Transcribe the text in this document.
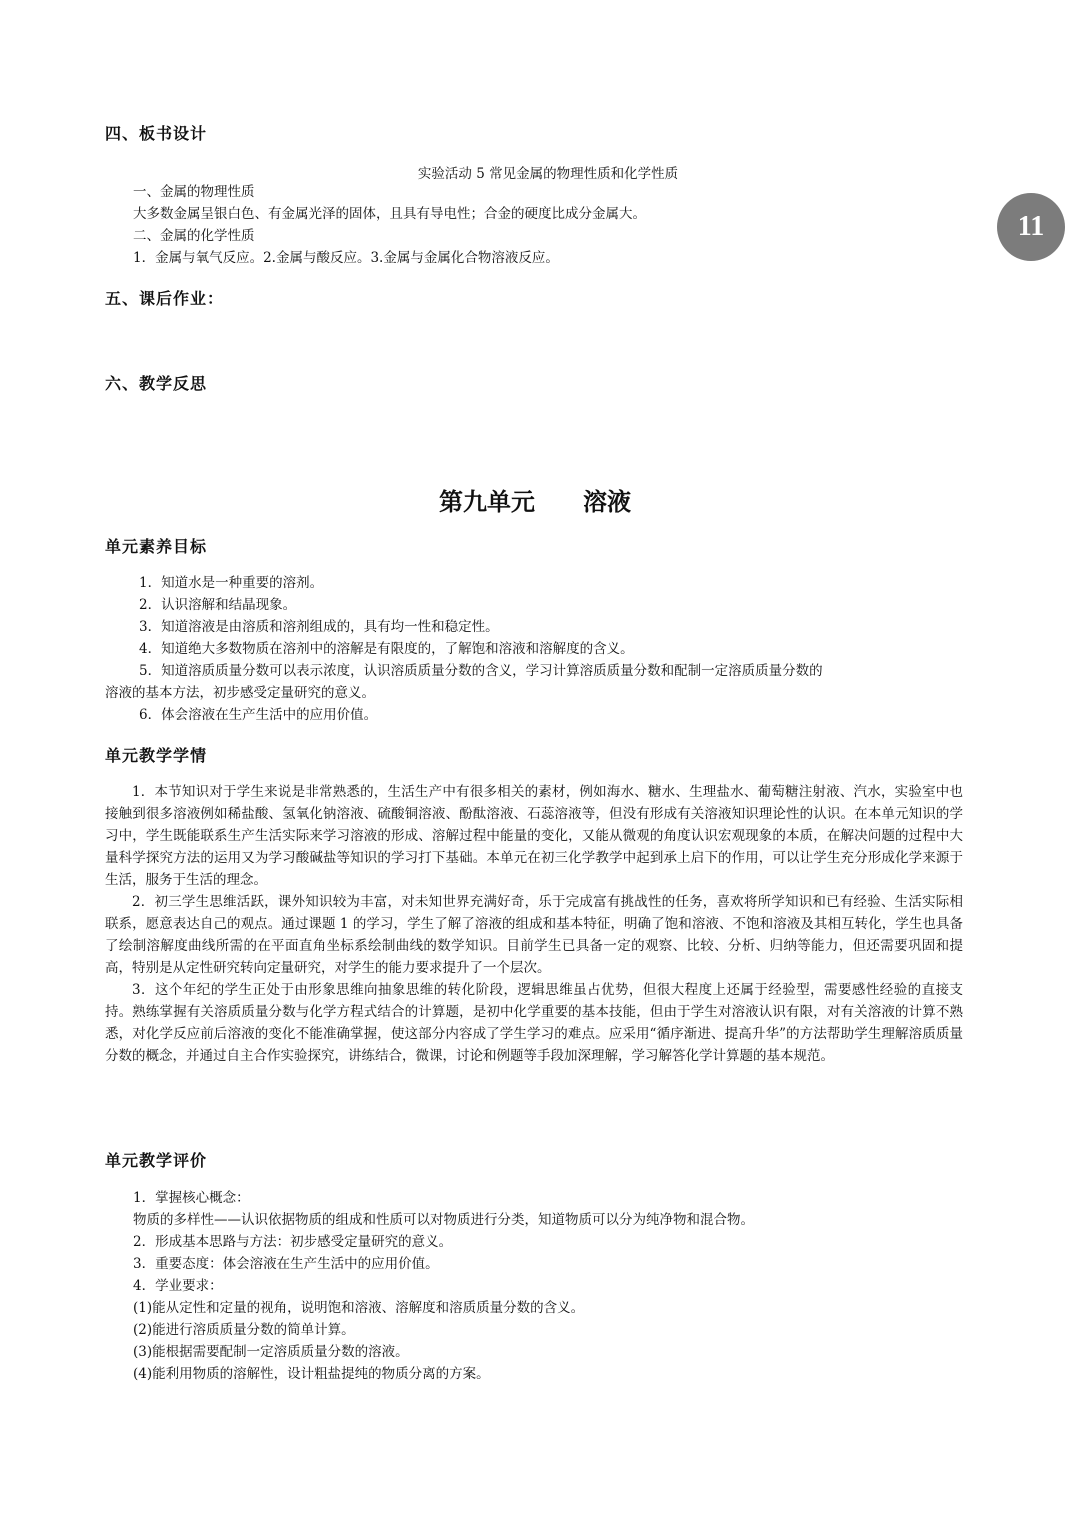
11
四、板书设计

实验活动 5 常见金属的物理性质和化学性质

一、金属的物理性质
大多数金属呈银白色、有金属光泽的固体，且具有导电性；合金的硬度比成分金属大。
二、金属的化学性质
1．金属与氧气反应。2.金属与酸反应。3.金属与金属化合物溶液反应。
五、课后作业：
六、教学反思
第九单元 溶液
单元素养目标
1．知道水是一种重要的溶剂。
2．认识溶解和结晶现象。
3．知道溶液是由溶质和溶剂组成的，具有均一性和稳定性。
4．知道绝大多数物质在溶剂中的溶解是有限度的，了解饱和溶液和溶解度的含义。
5．知道溶质质量分数可以表示浓度，认识溶质质量分数的含义，学习计算溶质质量分数和配制一定溶质质量分数的
溶液的基本方法，初步感受定量研究的意义。
6．体会溶液在生产生活中的应用价值。
单元教学学情

1．本节知识对于学生来说是非常熟悉的，生活生产中有很多相关的素材，例如海水、糖水、生理盐水、葡萄糖注射液、汽水，实验室中也接触到很多溶液例如稀盐酸、氢氧化钠溶液、硫酸铜溶液、酚酞溶液、石蕊溶液等，但没有形成有关溶液知识理论性的认识。在本单元知识的学习中，学生既能联系生产生活实际来学习溶液的形成、溶解过程中能量的变化，又能从微观的角度认识宏观现象的本质，在解决问题的过程中大量科学探究方法的运用又为学习酸碱盐等知识的学习打下基础。本单元在初三化学教学中起到承上启下的作用，可以让学生充分形成化学来源于生活，服务于生活的理念。

2．初三学生思维活跃，课外知识较为丰富，对未知世界充满好奇，乐于完成富有挑战性的任务，喜欢将所学知识和已有经验、生活实际相联系，愿意表达自己的观点。通过课题 1 的学习，学生了解了溶液的组成和基本特征，明确了饱和溶液、不饱和溶液及其相互转化，学生也具备了绘制溶解度曲线所需的在平面直角坐标系绘制曲线的数学知识。目前学生已具备一定的观察、比较、分析、归纳等能力，但还需要巩固和提高，特别是从定性研究转向定量研究，对学生的能力要求提升了一个层次。

3．这个年纪的学生正处于由形象思维向抽象思维的转化阶段，逻辑思维虽占优势，但很大程度上还属于经验型，需要感性经验的直接支持。熟练掌握有关溶质质量分数与化学方程式结合的计算题，是初中化学重要的基本技能，但由于学生对溶液认识有限，对有关溶液的计算不熟悉，对化学反应前后溶液的变化不能准确掌握，使这部分内容成了学生学习的难点。应采用“循序渐进、提高升华”的方法帮助学生理解溶质质量分数的概念，并通过自主合作实验探究，讲练结合，微课，讨论和例题等手段加深理解，学习解答化学计算题的基本规范。

单元教学评价
1．掌握核心概念：
物质的多样性——认识依据物质的组成和性质可以对物质进行分类，知道物质可以分为纯净物和混合物。
2．形成基本思路与方法：初步感受定量研究的意义。
3．重要态度：体会溶液在生产生活中的应用价值。
4．学业要求：
(1)能从定性和定量的视角，说明饱和溶液、溶解度和溶质质量分数的含义。
(2)能进行溶质质量分数的简单计算。
(3)能根据需要配制一定溶质质量分数的溶液。
(4)能利用物质的溶解性，设计粗盐提纯的物质分离的方案。
